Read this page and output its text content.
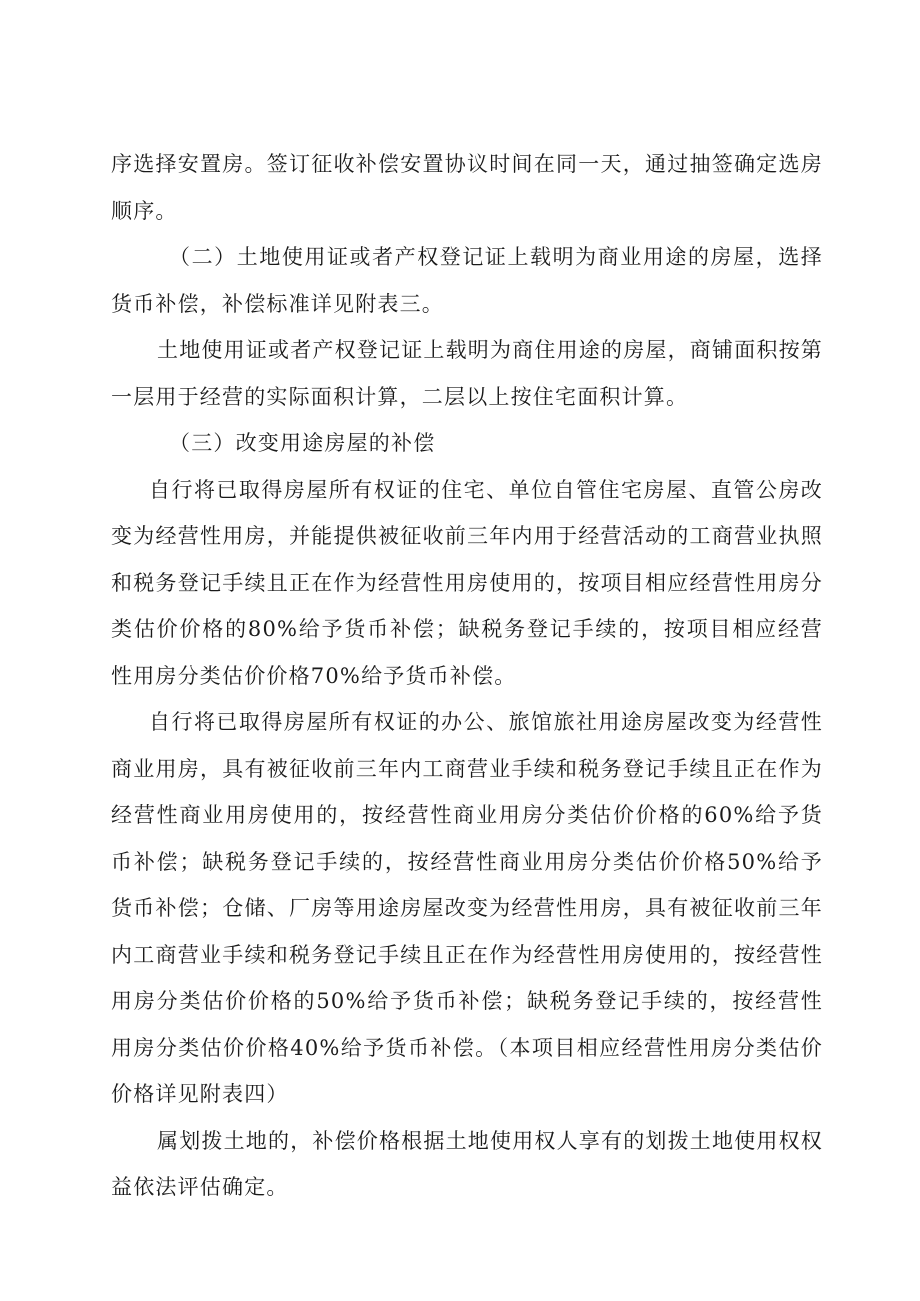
序选择安置房。签订征收补偿安置协议时间在同一天，通过抽签确定选房顺序。

（二）土地使用证或者产权登记证上载明为商业用途的房屋，选择货币补偿，补偿标准详见附表三。

土地使用证或者产权登记证上载明为商住用途的房屋，商铺面积按第一层用于经营的实际面积计算，二层以上按住宅面积计算。

（三）改变用途房屋的补偿

自行将已取得房屋所有权证的住宅、单位自管住宅房屋、直管公房改变为经营性用房，并能提供被征收前三年内用于经营活动的工商营业执照和税务登记手续且正在作为经营性用房使用的，按项目相应经营性用房分类估价价格的80%给予货币补偿；缺税务登记手续的，按项目相应经营性用房分类估价价格70%给予货币补偿。

自行将已取得房屋所有权证的办公、旅馆旅社用途房屋改变为经营性商业用房，具有被征收前三年内工商营业手续和税务登记手续且正在作为经营性商业用房使用的，按经营性商业用房分类估价价格的60%给予货币补偿；缺税务登记手续的，按经营性商业用房分类估价价格50%给予货币补偿；仓储、厂房等用途房屋改变为经营性用房，具有被征收前三年内工商营业手续和税务登记手续且正在作为经营性用房使用的，按经营性用房分类估价价格的50%给予货币补偿；缺税务登记手续的，按经营性用房分类估价价格40%给予货币补偿。（本项目相应经营性用房分类估价价格详见附表四）

属划拨土地的，补偿价格根据土地使用权人享有的划拨土地使用权权益依法评估确定。
